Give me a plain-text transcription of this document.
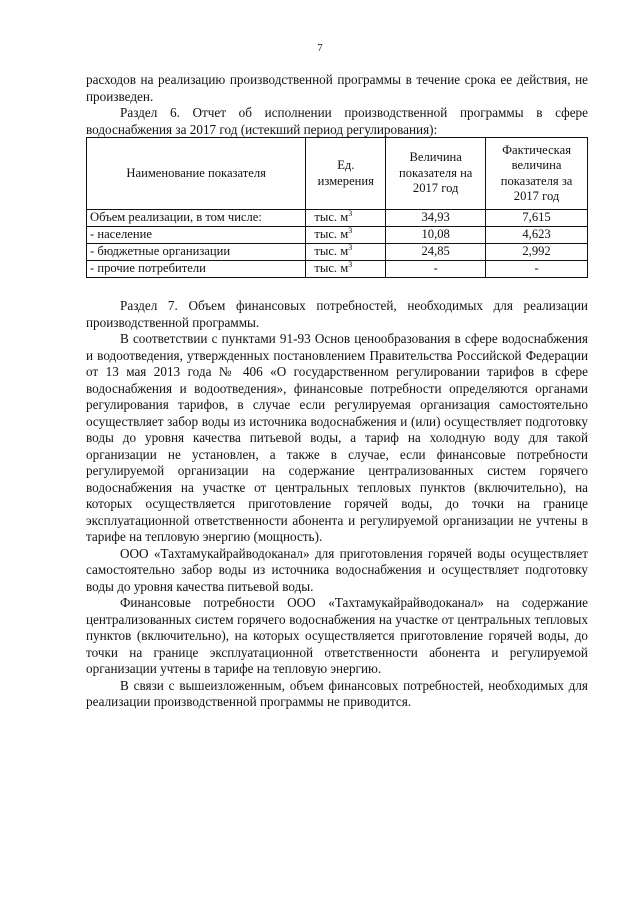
7

расходов на реализацию производственной программы в течение срока ее действия, не произведен.

Раздел 6. Отчет об исполнении производственной программы в сфере водоснабжения за 2017 год (истекший период регулирования):

Наименование показателя	Ед. измерения	Величина показателя на 2017 год	Фактическая величина показателя за 2017 год
Объем реализации, в том числе:	тыс. $м^3$	34,93	7,615
- население	тыс. $м^3$	10,08	4,623
- бюджетные организации	тыс. $м^3$	24,85	2,992
- прочие потребители	тыс. $м^3$	-	-

Раздел 7. Объем финансовых потребностей, необходимых для реализации производственной программы.

В соответствии с пунктами 91-93 Основ ценообразования в сфере водоснабжения и водоотведения, утвержденных постановлением Правительства Российской Федерации от 13 мая 2013 года № 406 «О государственном регулировании тарифов в сфере водоснабжения и водоотведения», финансовые потребности определяются органами регулирования тарифов, в случае если регулируемая организация самостоятельно осуществляет забор воды из источника водоснабжения и (или) осуществляет подготовку воды до уровня качества питьевой воды, а тариф на холодную воду для такой организации не установлен, а также в случае, если финансовые потребности регулируемой организации на содержание централизованных систем горячего водоснабжения на участке от центральных тепловых пунктов (включительно), на которых осуществляется приготовление горячей воды, до точки на границе эксплуатационной ответственности абонента и регулируемой организации не учтены в тарифе на тепловую энергию (мощность).

ООО «Тахтамукайрайводоканал» для приготовления горячей воды осуществляет самостоятельно забор воды из источника водоснабжения и осуществляет подготовку воды до уровня качества питьевой воды.

Финансовые потребности ООО «Тахтамукайрайводоканал» на содержание централизованных систем горячего водоснабжения на участке от центральных тепловых пунктов (включительно), на которых осуществляется приготовление горячей воды, до точки на границе эксплуатационной ответственности абонента и регулируемой организации учтены в тарифе на тепловую энергию.

В связи с вышеизложенным, объем финансовых потребностей, необходимых для реализации производственной программы не приводится.
